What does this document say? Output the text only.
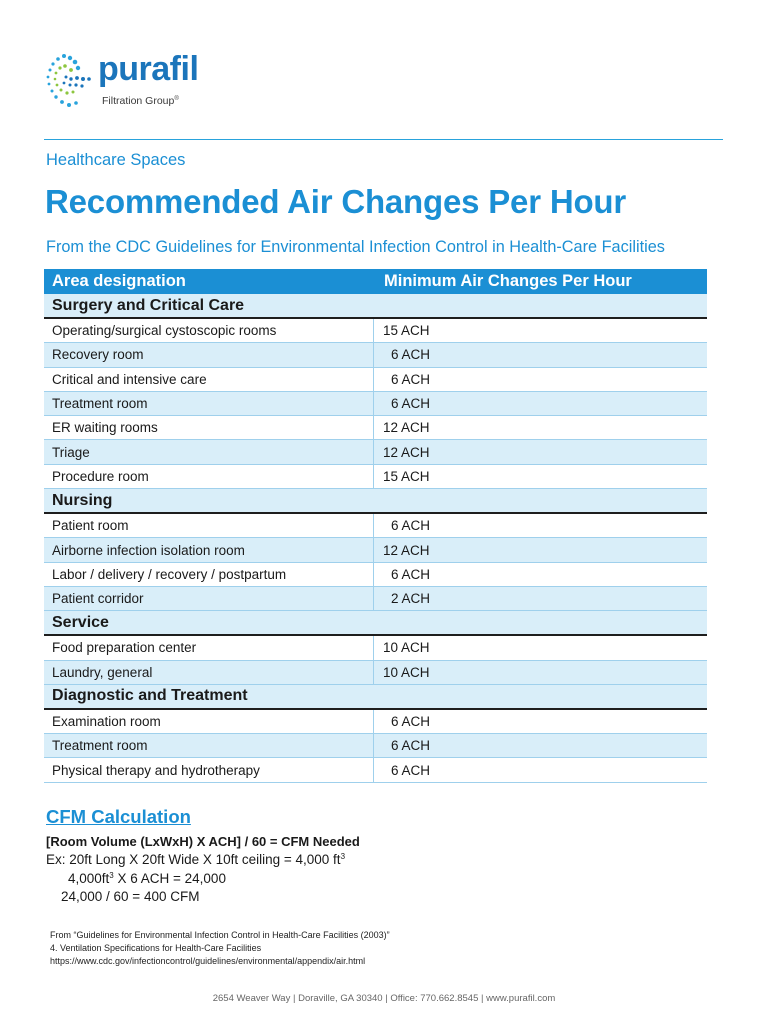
purafil
Filtration Group®
Healthcare Spaces
Recommended Air Changes Per Hour
From the CDC Guidelines for Environmental Infection Control in Health-Care Facilities
Area designation	Minimum Air Changes Per Hour
Surgery and Critical Care
Operating/surgical cystoscopic rooms	15 ACH
Recovery room	6 ACH
Critical and intensive care	6 ACH
Treatment room	6 ACH
ER waiting rooms	12 ACH
Triage	12 ACH
Procedure room	15 ACH
Nursing
Patient room	6 ACH
Airborne infection isolation room	12 ACH
Labor / delivery / recovery / postpartum	6 ACH
Patient corridor	2 ACH
Service
Food preparation center	10 ACH
Laundry, general	10 ACH
Diagnostic and Treatment
Examination room	6 ACH
Treatment room	6 ACH
Physical therapy and hydrotherapy	6 ACH
CFM Calculation
[Room Volume (LxWxH) X ACH] / 60 = CFM Needed
Ex: 20ft Long X 20ft Wide X 10ft ceiling = 4,000 $ft^3$
$4,000ft^3$ X 6 ACH = 24,000
24,000 / 60 = 400 CFM
From “Guidelines for Environmental Infection Control in Health-Care Facilities (2003)”
4. Ventilation Specifications for Health-Care Facilities
https://www.cdc.gov/infectioncontrol/guidelines/environmental/appendix/air.html
2654 Weaver Way | Doraville, GA 30340 | Office: 770.662.8545 | www.purafil.com
